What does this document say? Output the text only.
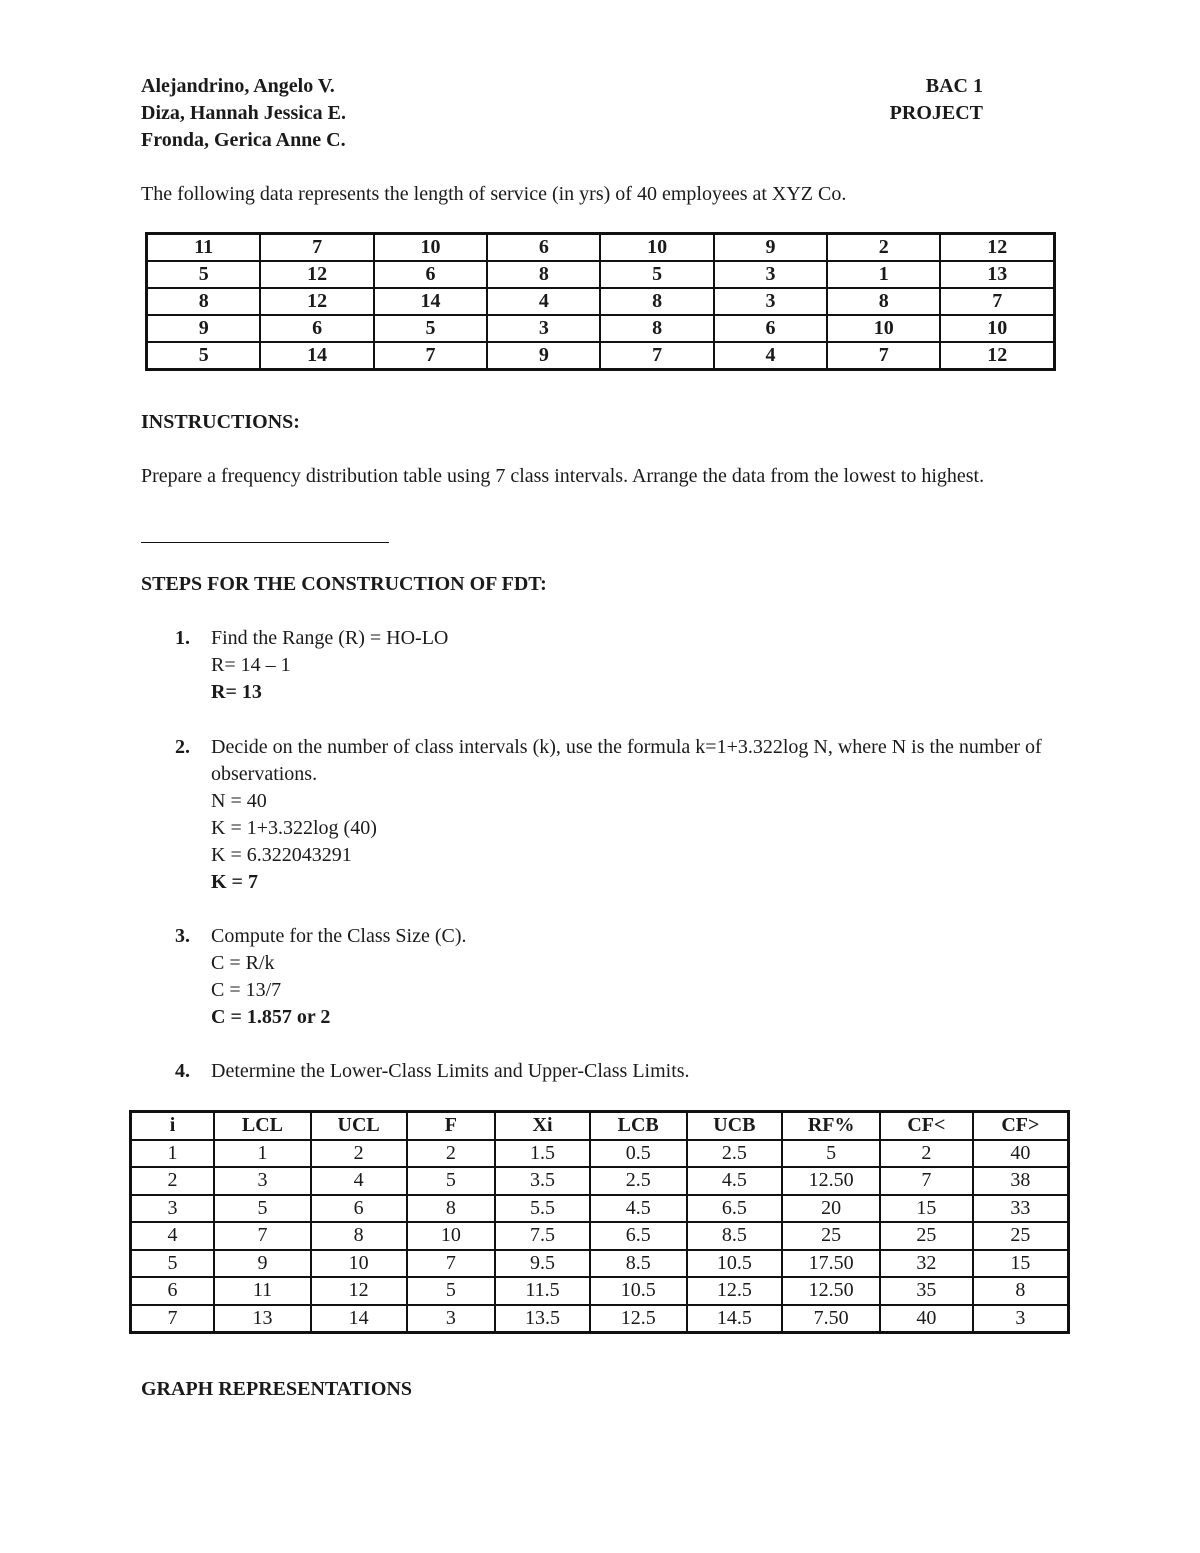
Alejandrino, Angelo V.
Diza, Hannah Jessica E.
Fronda, Gerica Anne C.
BAC 1
PROJECT
The following data represents the length of service (in yrs) of 40 employees at XYZ Co.
11	7	10	6	10	9	2	12
5	12	6	8	5	3	1	13
8	12	14	4	8	3	8	7
9	6	5	3	8	6	10	10
5	14	7	9	7	4	7	12
INSTRUCTIONS:
Prepare a frequency distribution table using 7 class intervals. Arrange the data from the lowest to highest.
STEPS FOR THE CONSTRUCTION OF FDT:
1. Find the Range (R) = HO-LO
R= 14 – 1
R= 13
2. Decide on the number of class intervals (k), use the formula k=1+3.322log N, where N is the number of observations.
N = 40
K = 1+3.322log (40)
K = 6.322043291
K = 7
3. Compute for the Class Size (C).
C = R/k
C = 13/7
C = 1.857 or 2
4. Determine the Lower-Class Limits and Upper-Class Limits.
i	LCL	UCL	F	Xi	LCB	UCB	RF%	CF<	CF>
1	1	2	2	1.5	0.5	2.5	5	2	40
2	3	4	5	3.5	2.5	4.5	12.50	7	38
3	5	6	8	5.5	4.5	6.5	20	15	33
4	7	8	10	7.5	6.5	8.5	25	25	25
5	9	10	7	9.5	8.5	10.5	17.50	32	15
6	11	12	5	11.5	10.5	12.5	12.50	35	8
7	13	14	3	13.5	12.5	14.5	7.50	40	3
GRAPH REPRESENTATIONS
